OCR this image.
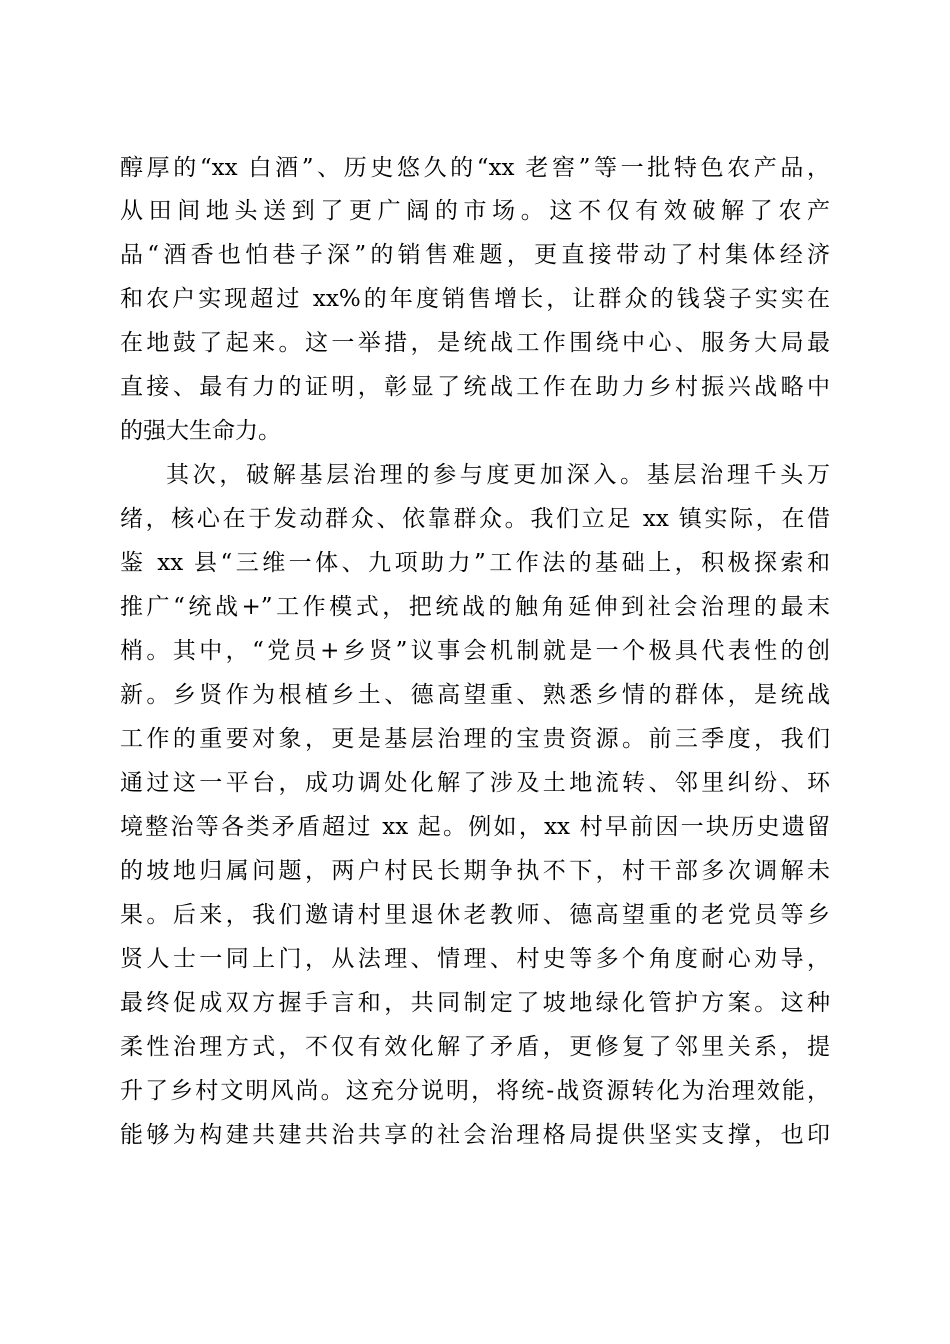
醇厚的“xx 白酒”、历史悠久的“xx 老窖”等一批特色农产品，
从田间地头送到了更广阔的市场。这不仅有效破解了农产
品“酒香也怕巷子深”的销售难题，更直接带动了村集体经济
和农户实现超过 xx%的年度销售增长，让群众的钱袋子实实在
在地鼓了起来。这一举措，是统战工作围绕中心、服务大局最
直接、最有力的证明，彰显了统战工作在助力乡村振兴战略中
的强大生命力。
其次，破解基层治理的参与度更加深入。基层治理千头万
绪，核心在于发动群众、依靠群众。我们立足 xx 镇实际，在借
鉴 xx 县“三维一体、九项助力”工作法的基础上，积极探索和
推广“统战+”工作模式，把统战的触角延伸到社会治理的最末
梢。其中，“党员+乡贤”议事会机制就是一个极具代表性的创
新。乡贤作为根植乡土、德高望重、熟悉乡情的群体，是统战
工作的重要对象，更是基层治理的宝贵资源。前三季度，我们
通过这一平台，成功调处化解了涉及土地流转、邻里纠纷、环
境整治等各类矛盾超过 xx 起。例如，xx 村早前因一块历史遗留
的坡地归属问题，两户村民长期争执不下，村干部多次调解未
果。后来，我们邀请村里退休老教师、德高望重的老党员等乡
贤人士一同上门，从法理、情理、村史等多个角度耐心劝导，
最终促成双方握手言和，共同制定了坡地绿化管护方案。这种
柔性治理方式，不仅有效化解了矛盾，更修复了邻里关系，提
升了乡村文明风尚。这充分说明，将统-战资源转化为治理效能，
能够为构建共建共治共享的社会治理格局提供坚实支撑，也印
